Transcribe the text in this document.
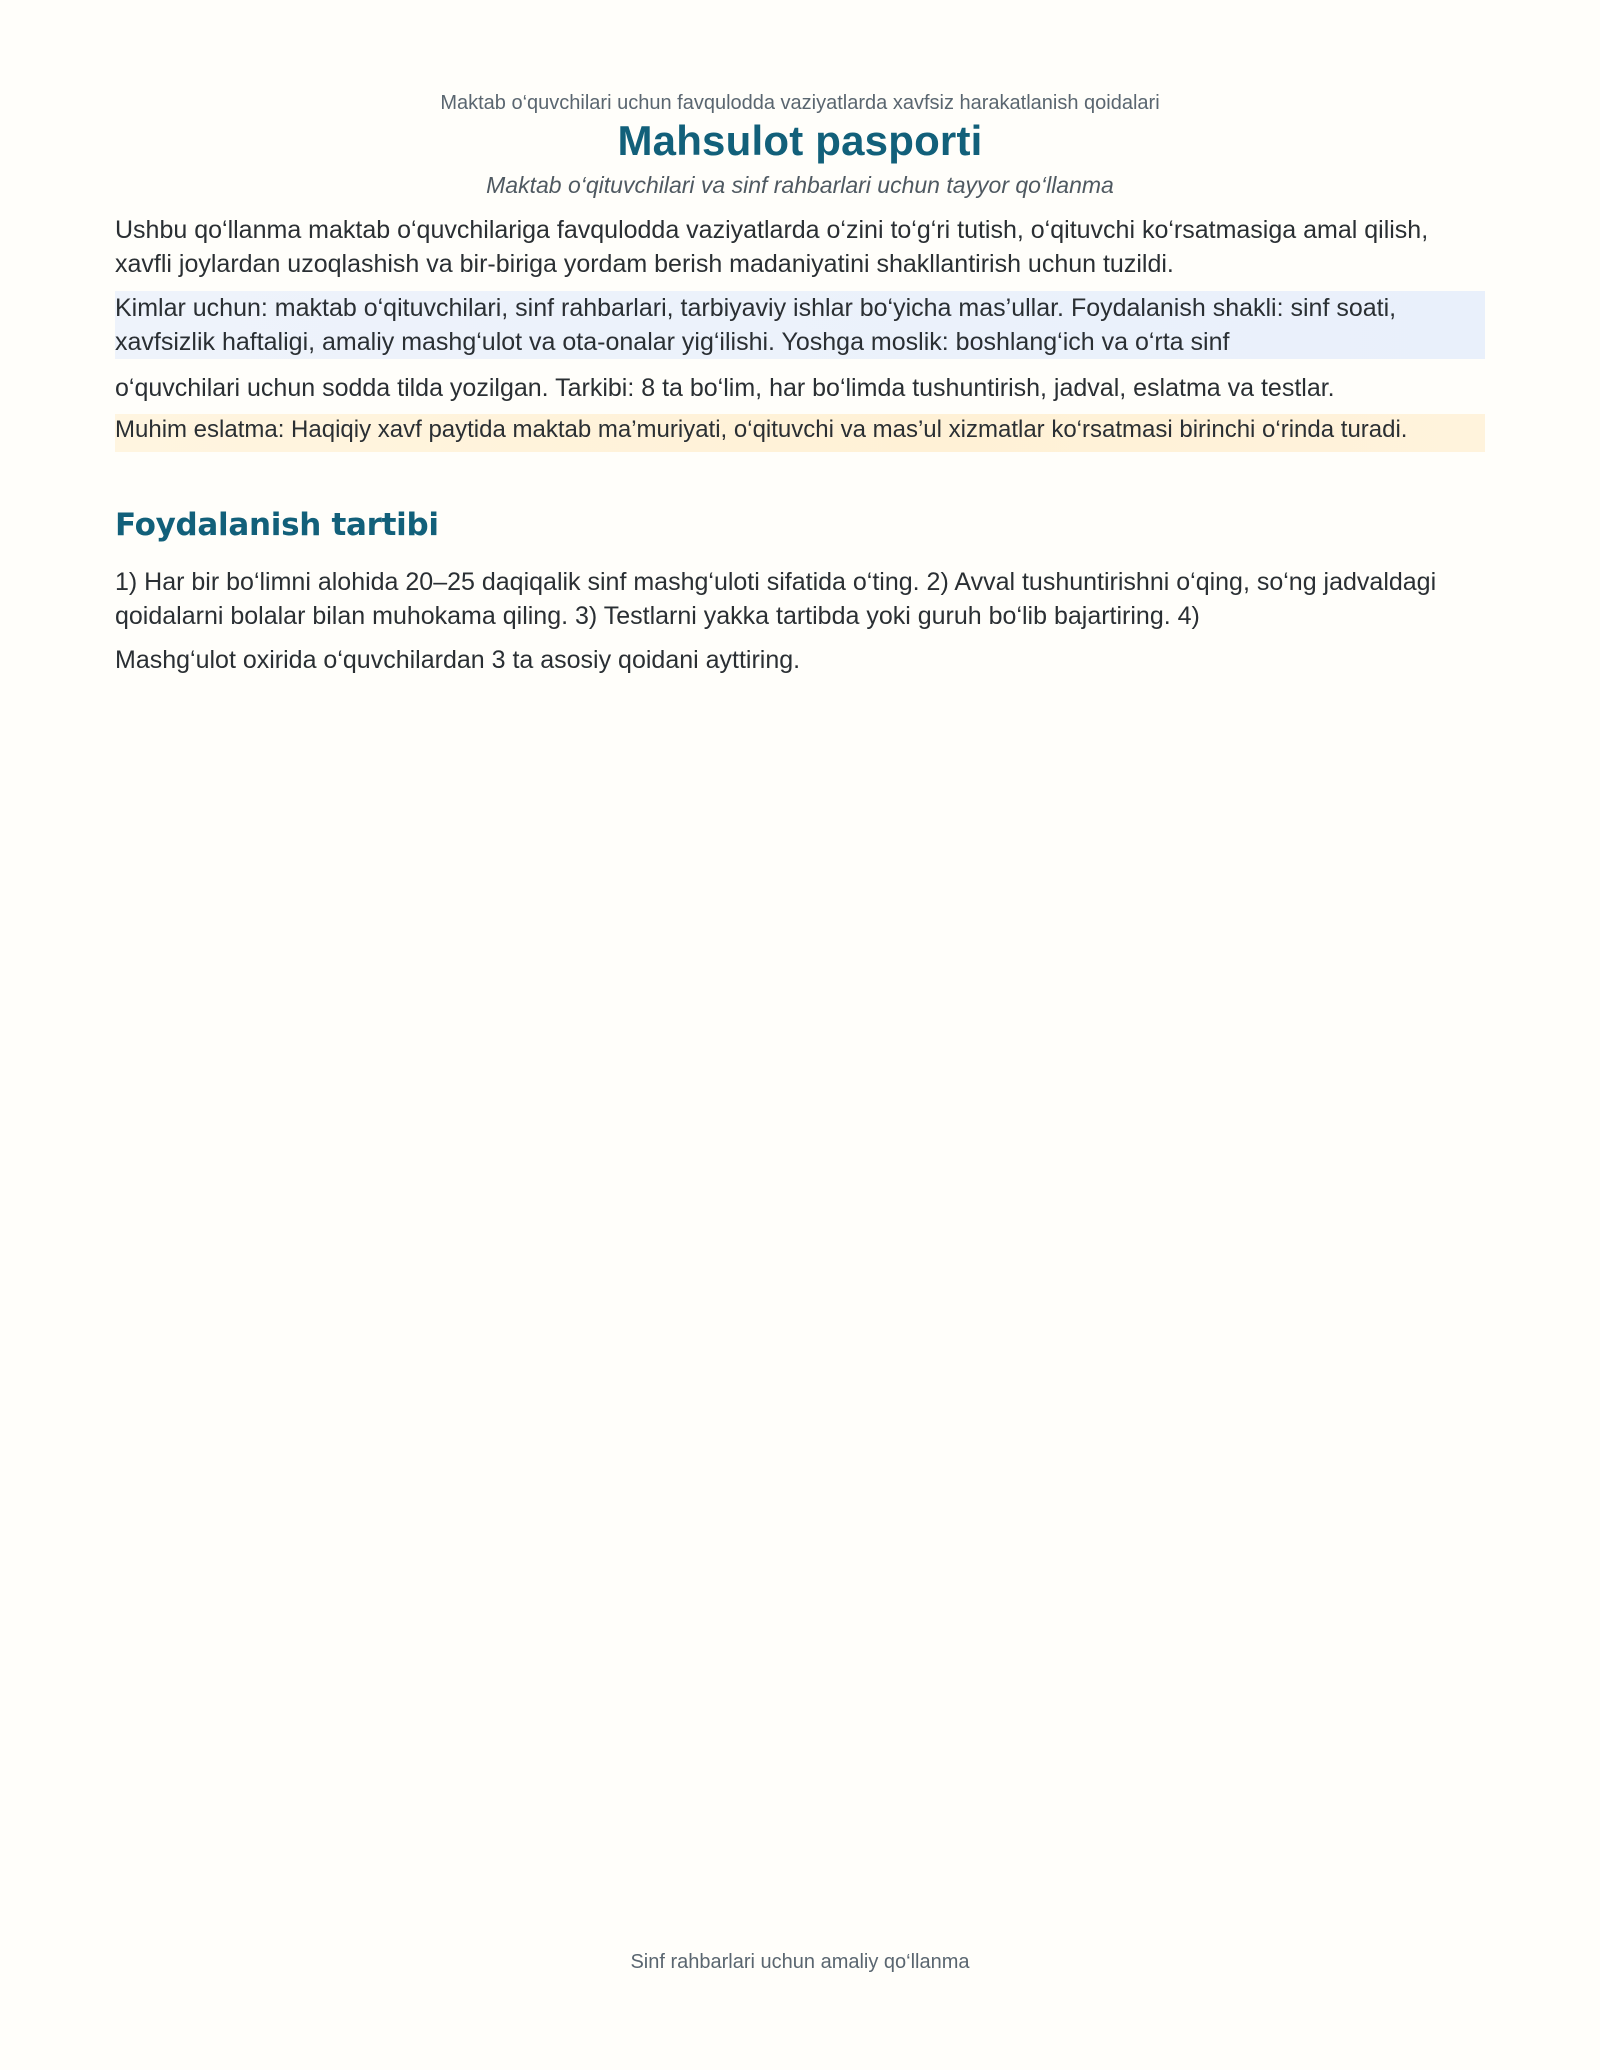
Maktab o‘quvchilari uchun favqulodda vaziyatlarda xavfsiz harakatlanish qoidalari
Mahsulot pasporti
Maktab o‘qituvchilari va sinf rahbarlari uchun tayyor qo‘llanma
Ushbu qo‘llanma maktab o‘quvchilariga favqulodda vaziyatlarda o‘zini to‘g‘ri tutish, o‘qituvchi ko‘rsatmasiga amal qilish, xavfli joylardan uzoqlashish va bir-biriga yordam berish madaniyatini shakllantirish uchun tuzildi.
Kimlar uchun: maktab o‘qituvchilari, sinf rahbarlari, tarbiyaviy ishlar bo‘yicha mas’ullar. Foydalanish shakli: sinf soati, xavfsizlik haftaligi, amaliy mashg‘ulot va ota-onalar yig‘ilishi. Yoshga moslik: boshlang‘ich va o‘rta sinf
o‘quvchilari uchun sodda tilda yozilgan. Tarkibi: 8 ta bo‘lim, har bo‘limda tushuntirish, jadval, eslatma va testlar.
Muhim eslatma: Haqiqiy xavf paytida maktab ma’muriyati, o‘qituvchi va mas’ul xizmatlar ko‘rsatmasi birinchi o‘rinda turadi.
Foydalanish tartibi
1) Har bir bo‘limni alohida 20–25 daqiqalik sinf mashg‘uloti sifatida o‘ting. 2) Avval tushuntirishni o‘qing, so‘ng jadvaldagi qoidalarni bolalar bilan muhokama qiling. 3) Testlarni yakka tartibda yoki guruh bo‘lib bajartiring. 4)
Mashg‘ulot oxirida o‘quvchilardan 3 ta asosiy qoidani ayttiring.
Sinf rahbarlari uchun amaliy qo‘llanma
